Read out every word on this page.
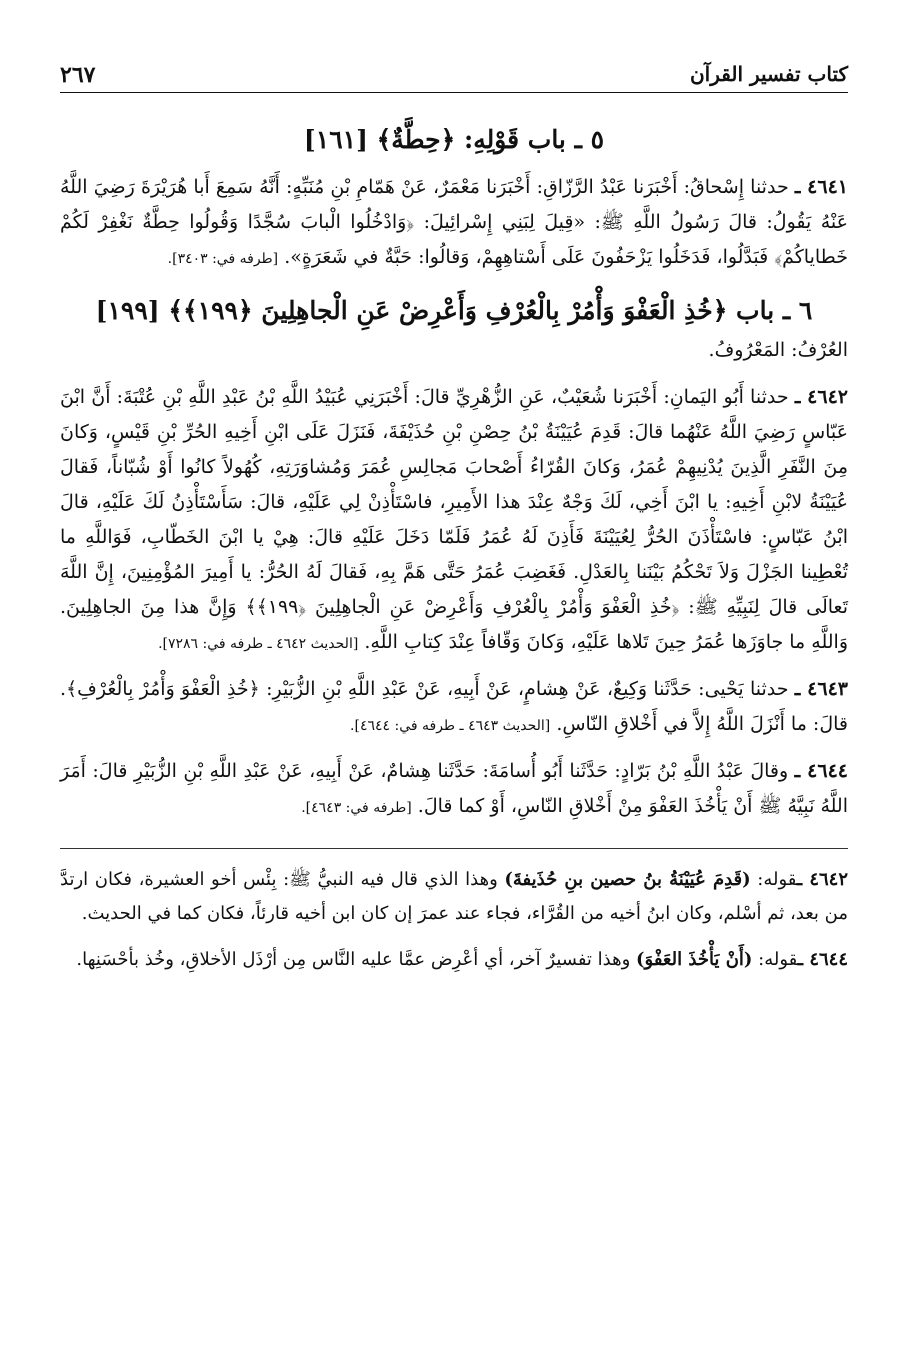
كتاب تفسير القرآن
٢٦٧
٥ ـ باب قَوْلِهِ: ﴿حِطَّةٌ﴾ [١٦١]

٤٦٤١ ـ حدثنا إِسْحاقُ: أَخْبَرَنا عَبْدُ الرَّزّاقِ: أَخْبَرَنا مَعْمَرٌ، عَنْ هَمّامِ بْنِ مُنَبِّهٍ: أَنَّهُ سَمِعَ أَبا هُرَيْرَةَ رَضِيَ اللَّهُ عَنْهُ يَقُولُ: قالَ رَسُولُ اللَّهِ ﷺ: «قِيلَ لِبَنِي إِسْرائِيلَ: ﴿وَادْخُلُوا الْبابَ سُجَّدًا وَقُولُوا حِطَّةٌ نَغْفِرْ لَكُمْ خَطاياكُمْ﴾ فَبَدَّلُوا، فَدَخَلُوا يَزْحَفُونَ عَلَى أَسْتاهِهِمْ، وَقالُوا: حَبَّةٌ في شَعَرَةٍ». [طرفه في: ٣٤٠٣].

٦ ـ باب ﴿خُذِ الْعَفْوَ وَأْمُرْ بِالْعُرْفِ وَأَعْرِضْ عَنِ الْجاهِلِينَ ﴿١٩٩﴾﴾ [١٩٩]

العُرْفُ: المَعْرُوفُ.

٤٦٤٢ ـ حدثنا أَبُو اليَمانِ: أَخْبَرَنا شُعَيْبٌ، عَنِ الزُّهْرِيِّ قالَ: أَخْبَرَنِي عُبَيْدُ اللَّهِ بْنُ عَبْدِ اللَّهِ بْنِ عُتْبَةَ: أَنَّ ابْنَ عَبّاسٍ رَضِيَ اللَّهُ عَنْهُما قالَ: قَدِمَ عُيَيْنَةُ بْنُ حِصْنِ بْنِ حُذَيْفَةَ، فَنَزَلَ عَلَى ابْنِ أَخِيهِ الحُرِّ بْنِ قَيْسٍ، وَكانَ مِنَ النَّفَرِ الَّذِينَ يُدْنِيهِمْ عُمَرُ، وَكانَ القُرّاءُ أَصْحابَ مَجالِسِ عُمَرَ وَمُشاوَرَتِهِ، كُهُولاً كانُوا أَوْ شُبّاناً، فَقالَ عُيَيْنَةُ لابْنِ أَخِيهِ: يا ابْنَ أَخِي، لَكَ وَجْهٌ عِنْدَ هذا الأَمِيرِ، فاسْتَأْذِنْ لِي عَلَيْهِ، قالَ: سَأَسْتَأْذِنُ لَكَ عَلَيْهِ، قالَ ابْنُ عَبّاسٍ: فاسْتَأْذَنَ الحُرُّ لِعُيَيْنَةَ فَأَذِنَ لَهُ عُمَرُ فَلَمّا دَخَلَ عَلَيْهِ قالَ: هِيْ يا ابْنَ الخَطّابِ، فَوَاللَّهِ ما تُعْطِينا الجَزْلَ وَلاَ تَحْكُمُ بَيْنَنا بِالعَدْلِ. فَغَضِبَ عُمَرُ حَتَّى هَمَّ بِهِ، فَقالَ لَهُ الحُرُّ: يا أَمِيرَ المُؤْمِنِينَ، إِنَّ اللَّهَ تَعالَى قالَ لِنَبِيِّهِ ﷺ: ﴿خُذِ الْعَفْوَ وَأْمُرْ بِالْعُرْفِ وَأَعْرِضْ عَنِ الْجاهِلِينَ ﴿١٩٩﴾﴾ وَإِنَّ هذا مِنَ الجاهِلِينَ. وَاللَّهِ ما جاوَزَها عُمَرُ حِينَ تَلاها عَلَيْهِ، وَكانَ وَقّافاً عِنْدَ كِتابِ اللَّهِ. [الحديث ٤٦٤٢ ـ طرفه في: ٧٢٨٦].

٤٦٤٣ ـ حدثنا يَحْيى: حَدَّثَنا وَكِيعٌ، عَنْ هِشامٍ، عَنْ أَبِيهِ، عَنْ عَبْدِ اللَّهِ بْنِ الزُّبَيْرِ: ﴿خُذِ الْعَفْوَ وَأْمُرْ بِالْعُرْفِ﴾. قالَ: ما أَنْزَلَ اللَّهُ إِلاَّ في أَخْلاقِ النّاسِ. [الحديث ٤٦٤٣ ـ طرفه في: ٤٦٤٤].

٤٦٤٤ ـ وقالَ عَبْدُ اللَّهِ بْنُ بَرّادٍ: حَدَّثَنا أَبُو أُسامَةَ: حَدَّثَنا هِشامٌ، عَنْ أَبِيهِ، عَنْ عَبْدِ اللَّهِ بْنِ الزُّبَيْرِ قالَ: أَمَرَ اللَّهُ نَبِيَّهُ ﷺ أَنْ يَأْخُذَ العَفْوَ مِنْ أَخْلاقِ النّاسِ، أَوْ كما قالَ. [طرفه في: ٤٦٤٣].

٤٦٤٢ ـقوله: (قَدِمَ عُيَيْنَةُ بنُ حصين بنِ حُذَيفةَ) وهذا الذي قال فيه النبيُّ ﷺ: بِئْس أخو العشيرة، فكان ارتدَّ من بعد، ثم أسْلم، وكان ابنُ أخيه من القُرَّاء، فجاء عند عمرَ إن كان ابن أخيه قارئاً، فكان كما في الحديث.

٤٦٤٤ ـقوله: (أَنْ يَأْخُذَ العَفْوَ) وهذا تفسيرٌ آخر، أي أعْرِض عمَّا عليه النَّاس مِن أرْذَل الأخلاقِ، وخُذ بأحْسَنِها.
